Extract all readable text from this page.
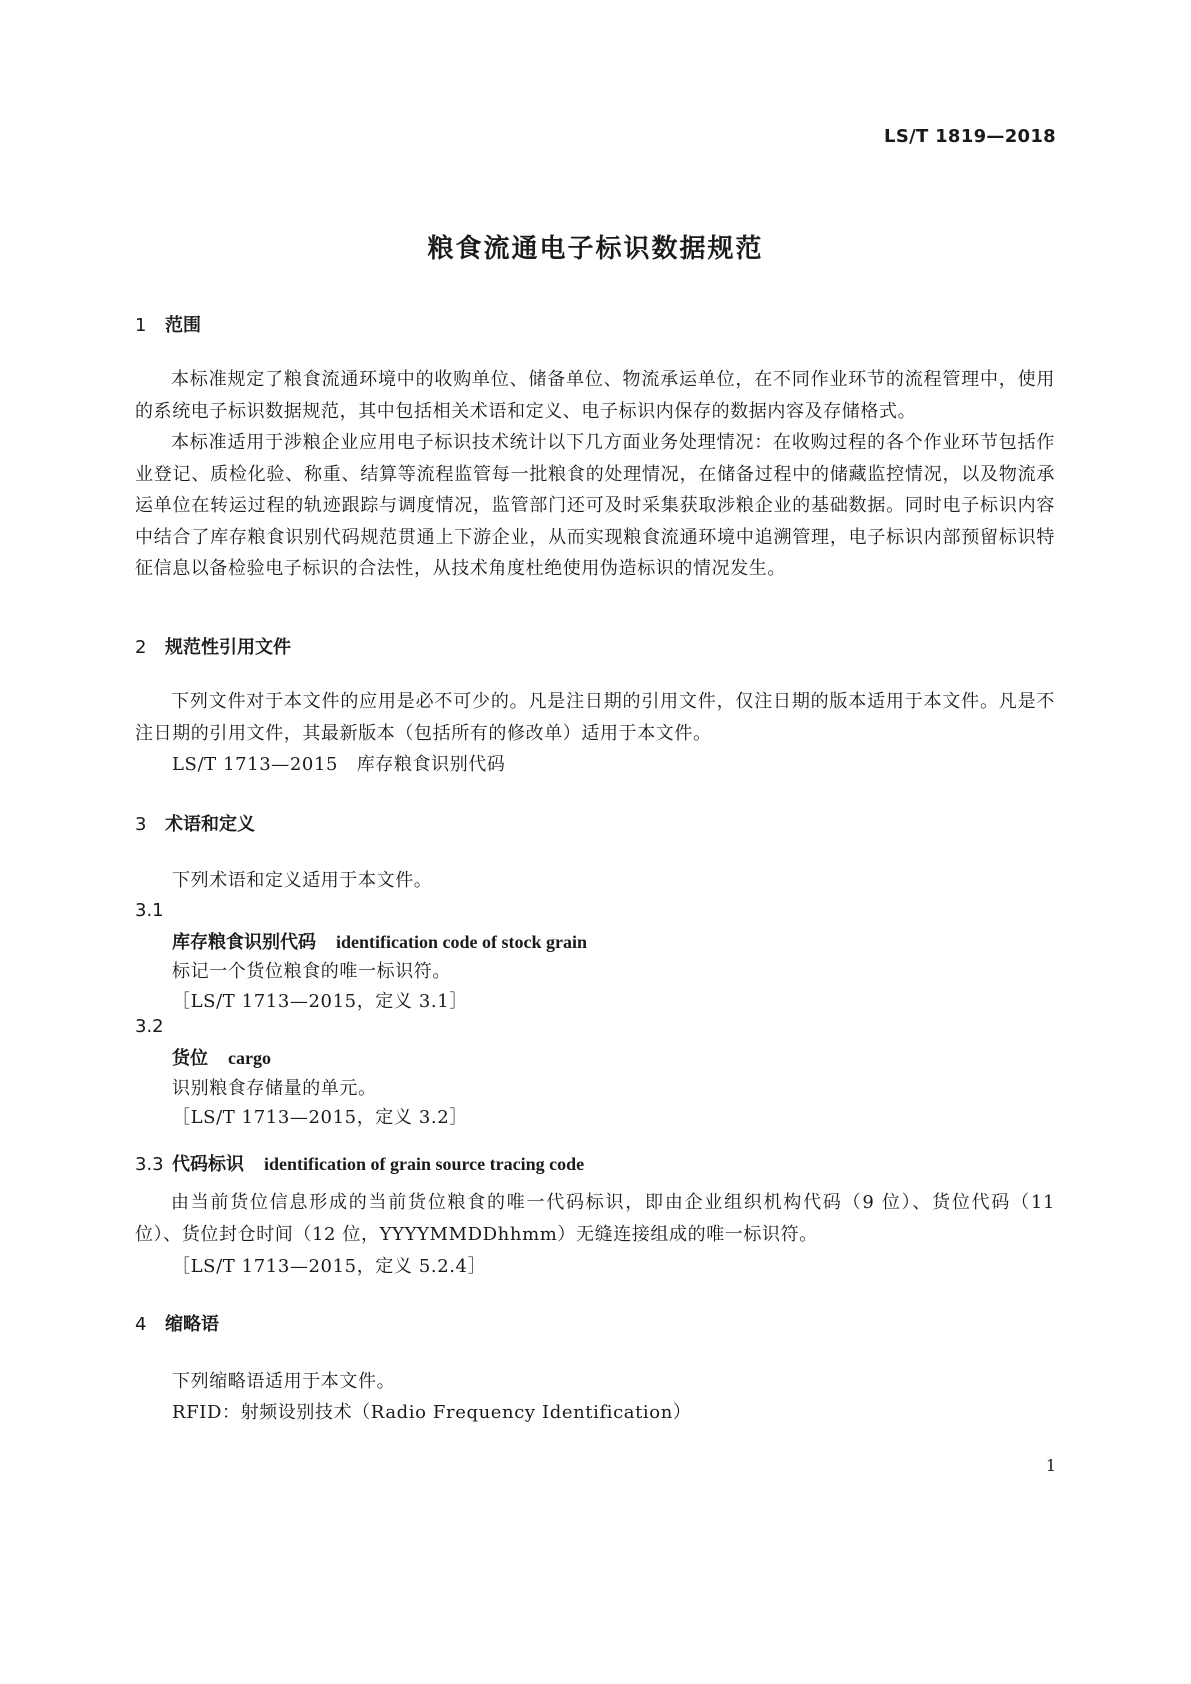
LS/T 1819—2018
粮食流通电子标识数据规范
1 范围
本标准规定了粮食流通环境中的收购单位、储备单位、物流承运单位，在不同作业环节的流程管理中，使用的系统电子标识数据规范，其中包括相关术语和定义、电子标识内保存的数据内容及存储格式。
本标准适用于涉粮企业应用电子标识技术统计以下几方面业务处理情况：在收购过程的各个作业环节包括作业登记、质检化验、称重、结算等流程监管每一批粮食的处理情况，在储备过程中的储藏监控情况，以及物流承运单位在转运过程的轨迹跟踪与调度情况，监管部门还可及时采集获取涉粮企业的基础数据。同时电子标识内容中结合了库存粮食识别代码规范贯通上下游企业，从而实现粮食流通环境中追溯管理，电子标识内部预留标识特征信息以备检验电子标识的合法性，从技术角度杜绝使用伪造标识的情况发生。
2 规范性引用文件
下列文件对于本文件的应用是必不可少的。凡是注日期的引用文件，仅注日期的版本适用于本文件。凡是不注日期的引用文件，其最新版本（包括所有的修改单）适用于本文件。
LS/T 1713—2015　库存粮食识别代码
3 术语和定义
下列术语和定义适用于本文件。
3.1
库存粮食识别代码 identification code of stock grain
标记一个货位粮食的唯一标识符。
［LS/T 1713—2015，定义 3.1］
3.2
货位 cargo
识别粮食存储量的单元。
［LS/T 1713—2015，定义 3.2］
3.3 代码标识 identification of grain source tracing code
由当前货位信息形成的当前货位粮食的唯一代码标识，即由企业组织机构代码（9 位）、货位代码（11 位）、货位封仓时间（12 位，YYYYMMDDhhmm）无缝连接组成的唯一标识符。
［LS/T 1713—2015，定义 5.2.4］
4 缩略语
下列缩略语适用于本文件。
RFID：射频设别技术（Radio Frequency Identification）
1
